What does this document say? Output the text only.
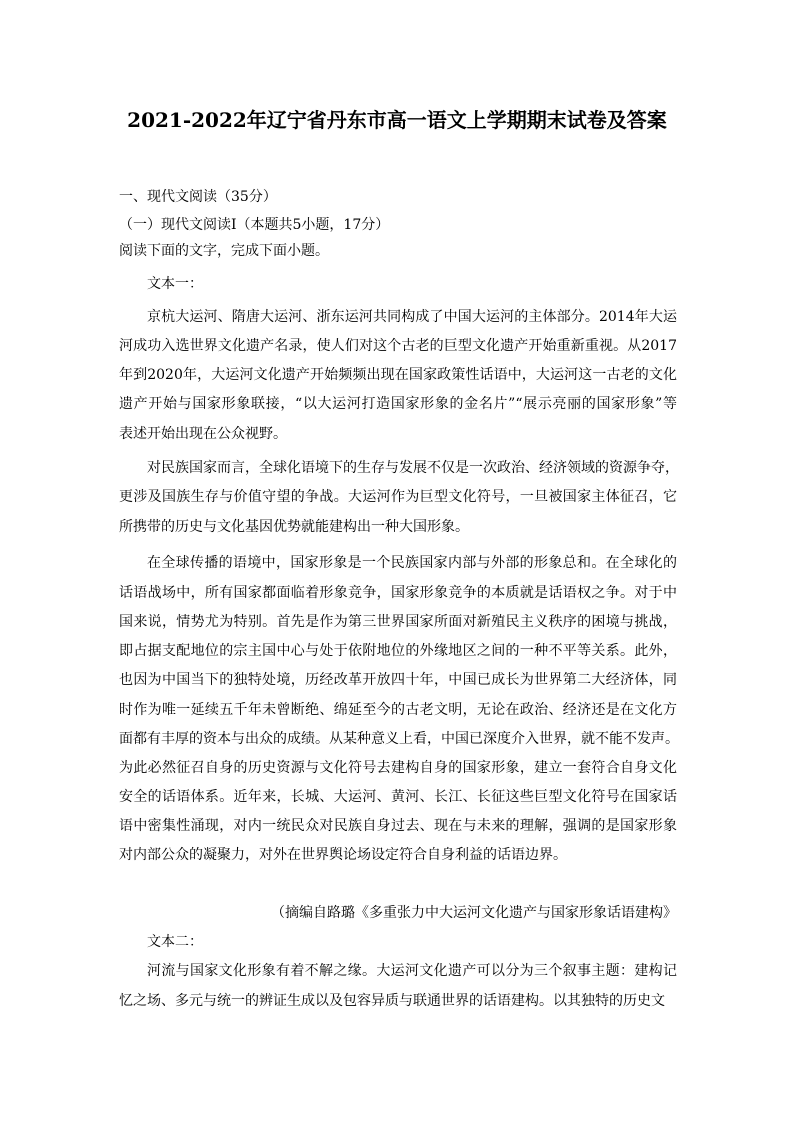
2021-2022年辽宁省丹东市高一语文上学期期末试卷及答案
一、现代文阅读（35分）
（一）现代文阅读Ⅰ（本题共5小题，17分）
阅读下面的文字，完成下面小题。
文本一：
京杭大运河、隋唐大运河、浙东运河共同构成了中国大运河的主体部分。2014年大运
河成功入选世界文化遗产名录，使人们对这个古老的巨型文化遗产开始重新重视。从2017
年到2020年，大运河文化遗产开始频频出现在国家政策性话语中，大运河这一古老的文化
遗产开始与国家形象联接，“以大运河打造国家形象的金名片”“展示亮丽的国家形象”等
表述开始出现在公众视野。
对民族国家而言，全球化语境下的生存与发展不仅是一次政治、经济领域的资源争夺，
更涉及国族生存与价值守望的争战。大运河作为巨型文化符号，一旦被国家主体征召，它
所携带的历史与文化基因优势就能建构出一种大国形象。
在全球传播的语境中，国家形象是一个民族国家内部与外部的形象总和。在全球化的
话语战场中，所有国家都面临着形象竞争，国家形象竞争的本质就是话语权之争。对于中
国来说，情势尤为特别。首先是作为第三世界国家所面对新殖民主义秩序的困境与挑战，
即占据支配地位的宗主国中心与处于依附地位的外缘地区之间的一种不平等关系。此外，
也因为中国当下的独特处境，历经改革开放四十年，中国已成长为世界第二大经济体，同
时作为唯一延续五千年未曾断绝、绵延至今的古老文明，无论在政治、经济还是在文化方
面都有丰厚的资本与出众的成绩。从某种意义上看，中国已深度介入世界，就不能不发声。
为此必然征召自身的历史资源与文化符号去建构自身的国家形象，建立一套符合自身文化
安全的话语体系。近年来，长城、大运河、黄河、长江、长征这些巨型文化符号在国家话
语中密集性涌现，对内一统民众对民族自身过去、现在与未来的理解，强调的是国家形象
对内部公众的凝聚力，对外在世界舆论场设定符合自身利益的话语边界。
（摘编自路璐《多重张力中大运河文化遗产与国家形象话语建构》
文本二：
河流与国家文化形象有着不解之缘。大运河文化遗产可以分为三个叙事主题：建构记
忆之场、多元与统一的辨证生成以及包容异质与联通世界的话语建构。以其独特的历史文
